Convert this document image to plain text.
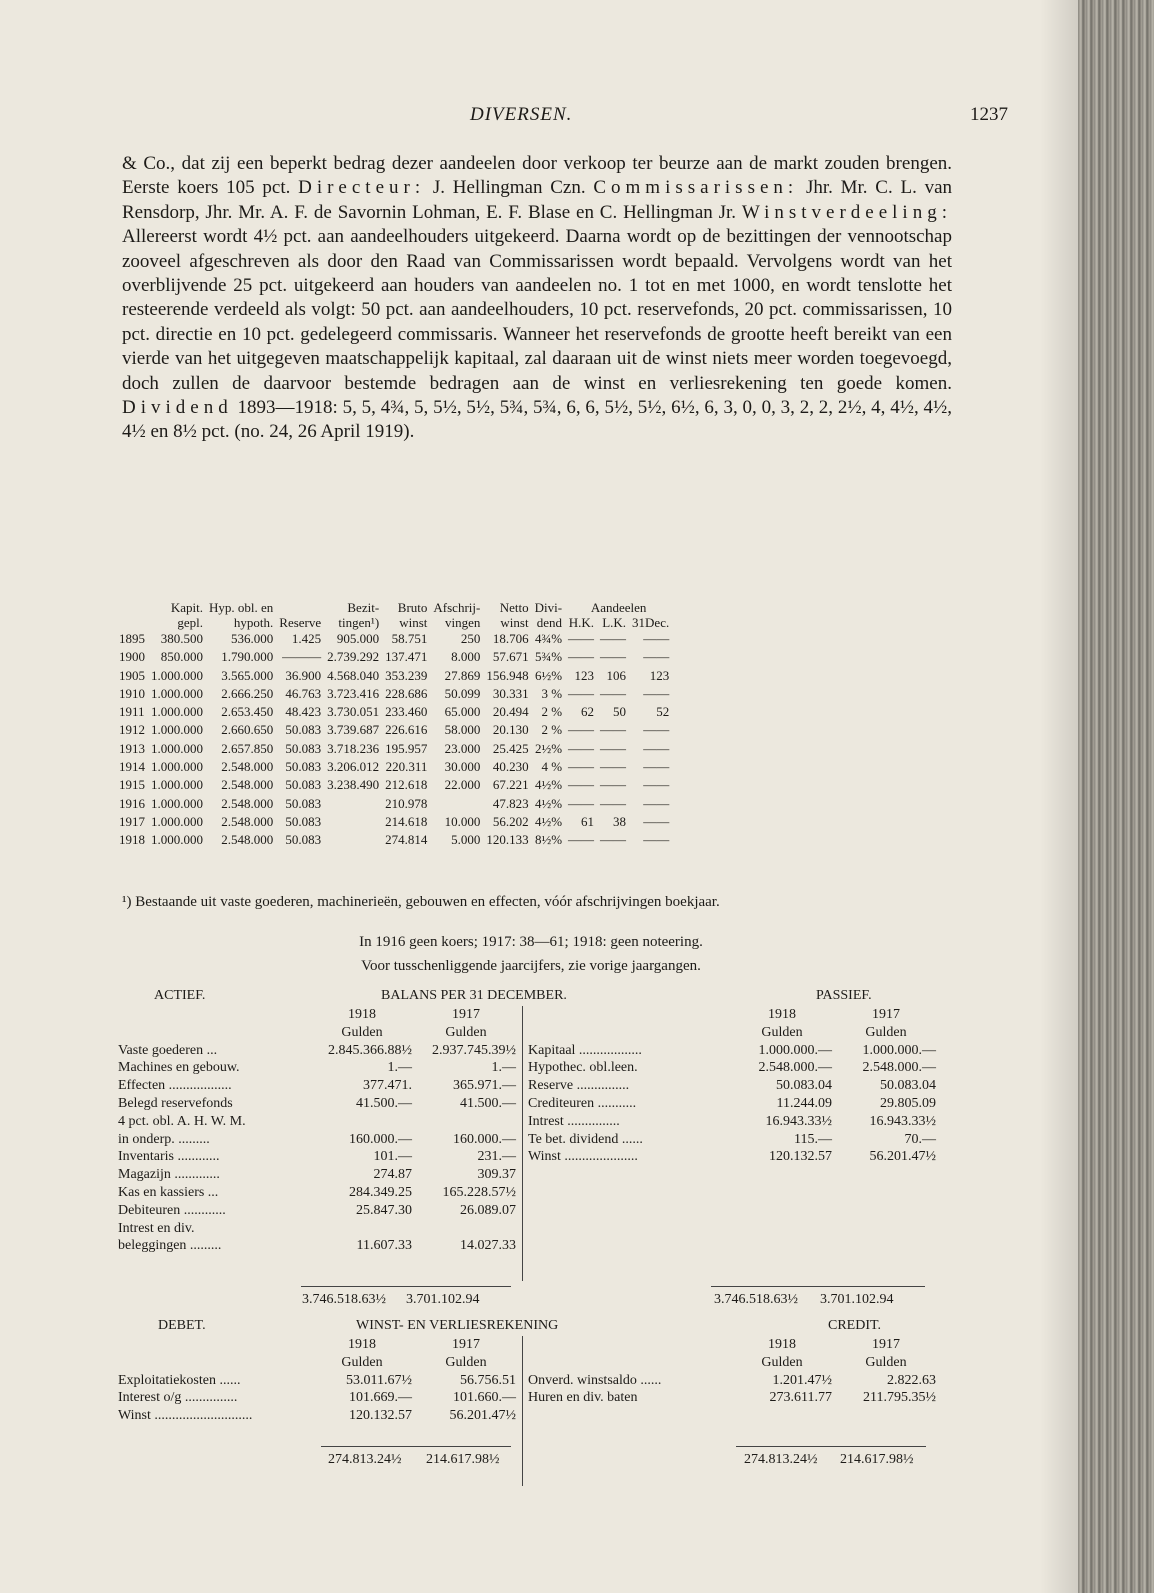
DIVERSEN.	1237

& Co., dat zij een beperkt bedrag dezer aandeelen door verkoop ter beurze aan de markt zouden brengen. Eerste koers 105 pct. Directeur: J. Hellingman Czn. Commissarissen: Jhr. Mr. C. L. van Rensdorp, Jhr. Mr. A. F. de Savornin Lohman, E. F. Blase en C. Hellingman Jr. Winstverdeeling: Allereerst wordt 4½ pct. aan aandeelhouders uitgekeerd. Daarna wordt op de bezittingen der vennootschap zooveel afgeschreven als door den Raad van Commissarissen wordt bepaald. Vervolgens wordt van het overblijvende 25 pct. uitgekeerd aan houders van aandeelen no. 1 tot en met 1000, en wordt tenslotte het resteerende verdeeld als volgt: 50 pct. aan aandeelhouders, 10 pct. reservefonds, 20 pct. commissarissen, 10 pct. directie en 10 pct. gedelegeerd commissaris. Wanneer het reservefonds de grootte heeft bereikt van een vierde van het uitgegeven maatschappelijk kapitaal, zal daaraan uit de winst niets meer worden toegevoegd, doch zullen de daarvoor bestemde bedragen aan de winst en verliesrekening ten goede komen. Dividend 1893—1918: 5, 5, 4¾, 5, 5½, 5½, 5¾, 5¾, 6, 6, 5½, 5½, 6½, 6, 3, 0, 0, 3, 2, 2, 2½, 4, 4½, 4½, 4½ en 8½ pct. (no. 24, 26 April 1919).

	Kapit.	Hyp. obl. en		Bezit-	Bruto	Afschrij-	Netto	Divi-	Aandeelen		
	gepl.	hypoth.	Reserve	tingen¹)	winst	vingen	winst	dend	H.K.	L.K.	31Dec.
1895	380.500	536.000	1.425	905.000	58.751	250	18.706	4¾%	——	——	——
1900	850.000	1.790.000	———	2.739.292	137.471	8.000	57.671	5¾%	——	——	——
1905	1.000.000	3.565.000	36.900	4.568.040	353.239	27.869	156.948	6½%	123	106	123
1910	1.000.000	2.666.250	46.763	3.723.416	228.686	50.099	30.331	3 %	——	——	——
1911	1.000.000	2.653.450	48.423	3.730.051	233.460	65.000	20.494	2 %	62	50	52
1912	1.000.000	2.660.650	50.083	3.739.687	226.616	58.000	20.130	2 %	——	——	——
1913	1.000.000	2.657.850	50.083	3.718.236	195.957	23.000	25.425	2½%	——	——	——
1914	1.000.000	2.548.000	50.083	3.206.012	220.311	30.000	40.230	4 %	——	——	——
1915	1.000.000	2.548.000	50.083	3.238.490	212.618	22.000	67.221	4½%	——	——	——
1916	1.000.000	2.548.000	50.083		210.978		47.823	4½%	——	——	——
1917	1.000.000	2.548.000	50.083		214.618	10.000	56.202	4½%	61	38	——
1918	1.000.000	2.548.000	50.083		274.814	5.000	120.133	8½%	——	——	——
¹) Bestaande uit vaste goederen, machinerieën, gebouwen en effecten, vóór afschrijvingen boekjaar.
In 1916 geen koers; 1917: 38—61; 1918: geen noteering.
Voor tusschenliggende jaarcijfers, zie vorige jaargangen.
ACTIEF.	BALANS PER 31 DECEMBER.	PASSIEF.
	1918	1917
	Gulden	Gulden
Vaste goederen ...	2.845.366.88½	2.937.745.39½
Machines en gebouw.	1.—	1.—
Effecten ..................	377.471.	365.971.—
Belegd reservefonds	41.500.—	41.500.—
4 pct. obl. A. H. W. M.		
in onderp. .........	160.000.—	160.000.—
Inventaris ............	101.—	231.—
Magazijn .............	274.87	309.37
Kas en kassiers ...	284.349.25	165.228.57½
Debiteuren ............	25.847.30	26.089.07
Intrest en div.		
beleggingen .........	11.607.33	14.027.33
	1918	1917
	Gulden	Gulden
Kapitaal ..................	1.000.000.—	1.000.000.—
Hypothec. obl.leen.	2.548.000.—	2.548.000.—
Reserve ...............	50.083.04	50.083.04
Crediteuren ...........	11.244.09	29.805.09
Intrest ...............	16.943.33½	16.943.33½
Te bet. dividend ......	115.—	70.—
Winst .....................	120.132.57	56.201.47½
3.746.518.63½ 3.701.102.94	3.746.518.63½ 3.701.102.94
DEBET.	WINST- EN VERLIESREKENING	CREDIT.
	1918	1917
	Gulden	Gulden
Exploitatiekosten ......	53.011.67½	56.756.51
Interest o/g ...............	101.669.—	101.660.—
Winst ............................	120.132.57	56.201.47½
	1918	1917
	Gulden	Gulden
Onverd. winstsaldo ......	1.201.47½	2.822.63
Huren en div. baten	273.611.77	211.795.35½
274.813.24½ 214.617.98½	274.813.24½ 214.617.98½
